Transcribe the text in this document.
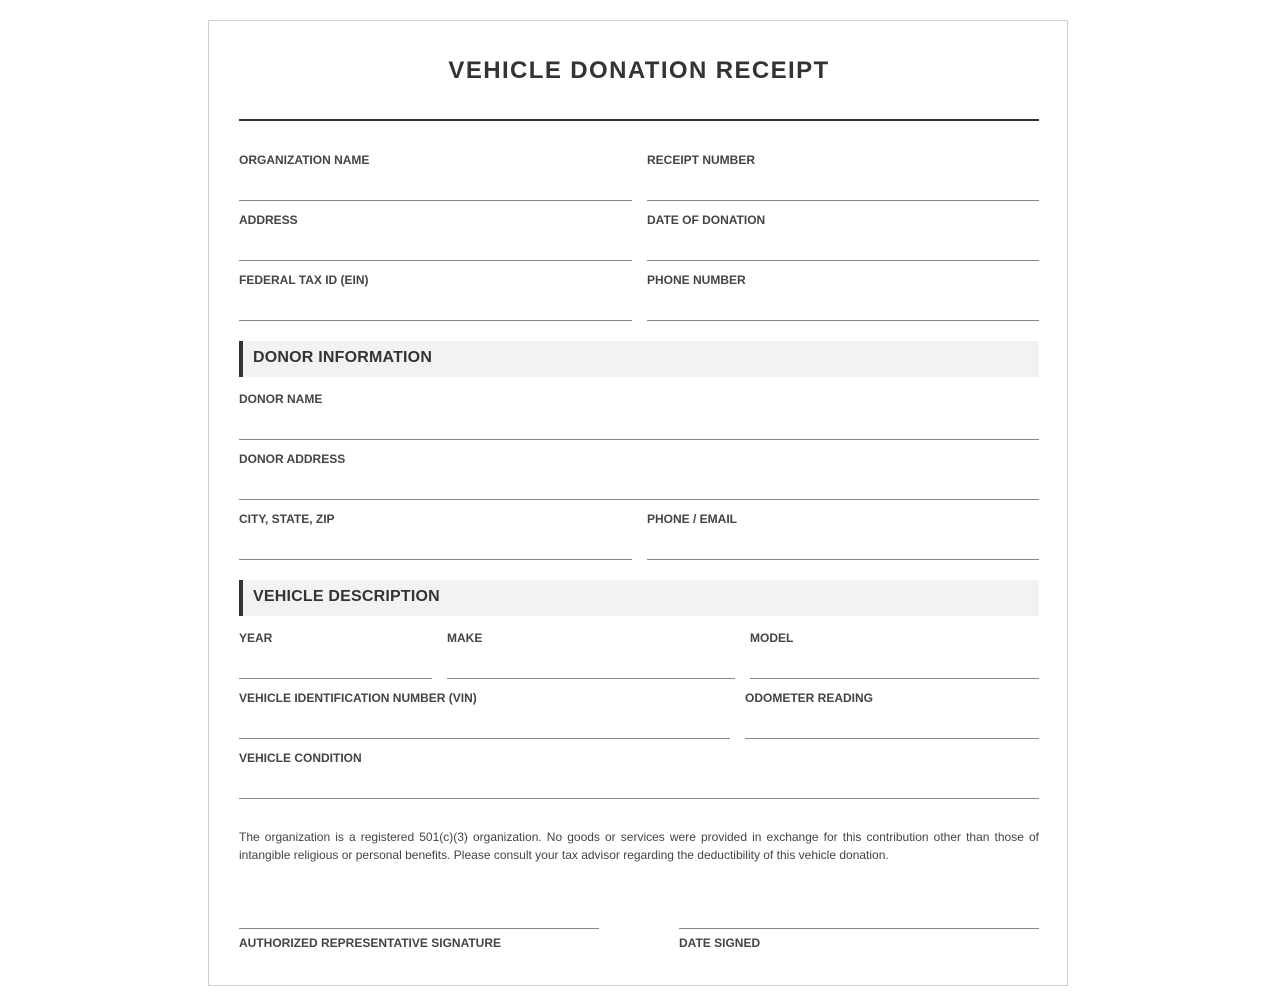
VEHICLE DONATION RECEIPT
ORGANIZATION NAME	RECEIPT NUMBER
ADDRESS	DATE OF DONATION
FEDERAL TAX ID (EIN)	PHONE NUMBER
DONOR INFORMATION
DONOR NAME
DONOR ADDRESS
CITY, STATE, ZIP	PHONE / EMAIL
VEHICLE DESCRIPTION
YEAR	MAKE	MODEL
VEHICLE IDENTIFICATION NUMBER (VIN)	ODOMETER READING
VEHICLE CONDITION

The organization is a registered 501(c)(3) organization. No goods or services were provided in exchange for this contribution other than those of intangible religious or personal benefits. Please consult your tax advisor regarding the deductibility of this vehicle donation.

AUTHORIZED REPRESENTATIVE SIGNATURE	DATE SIGNED
